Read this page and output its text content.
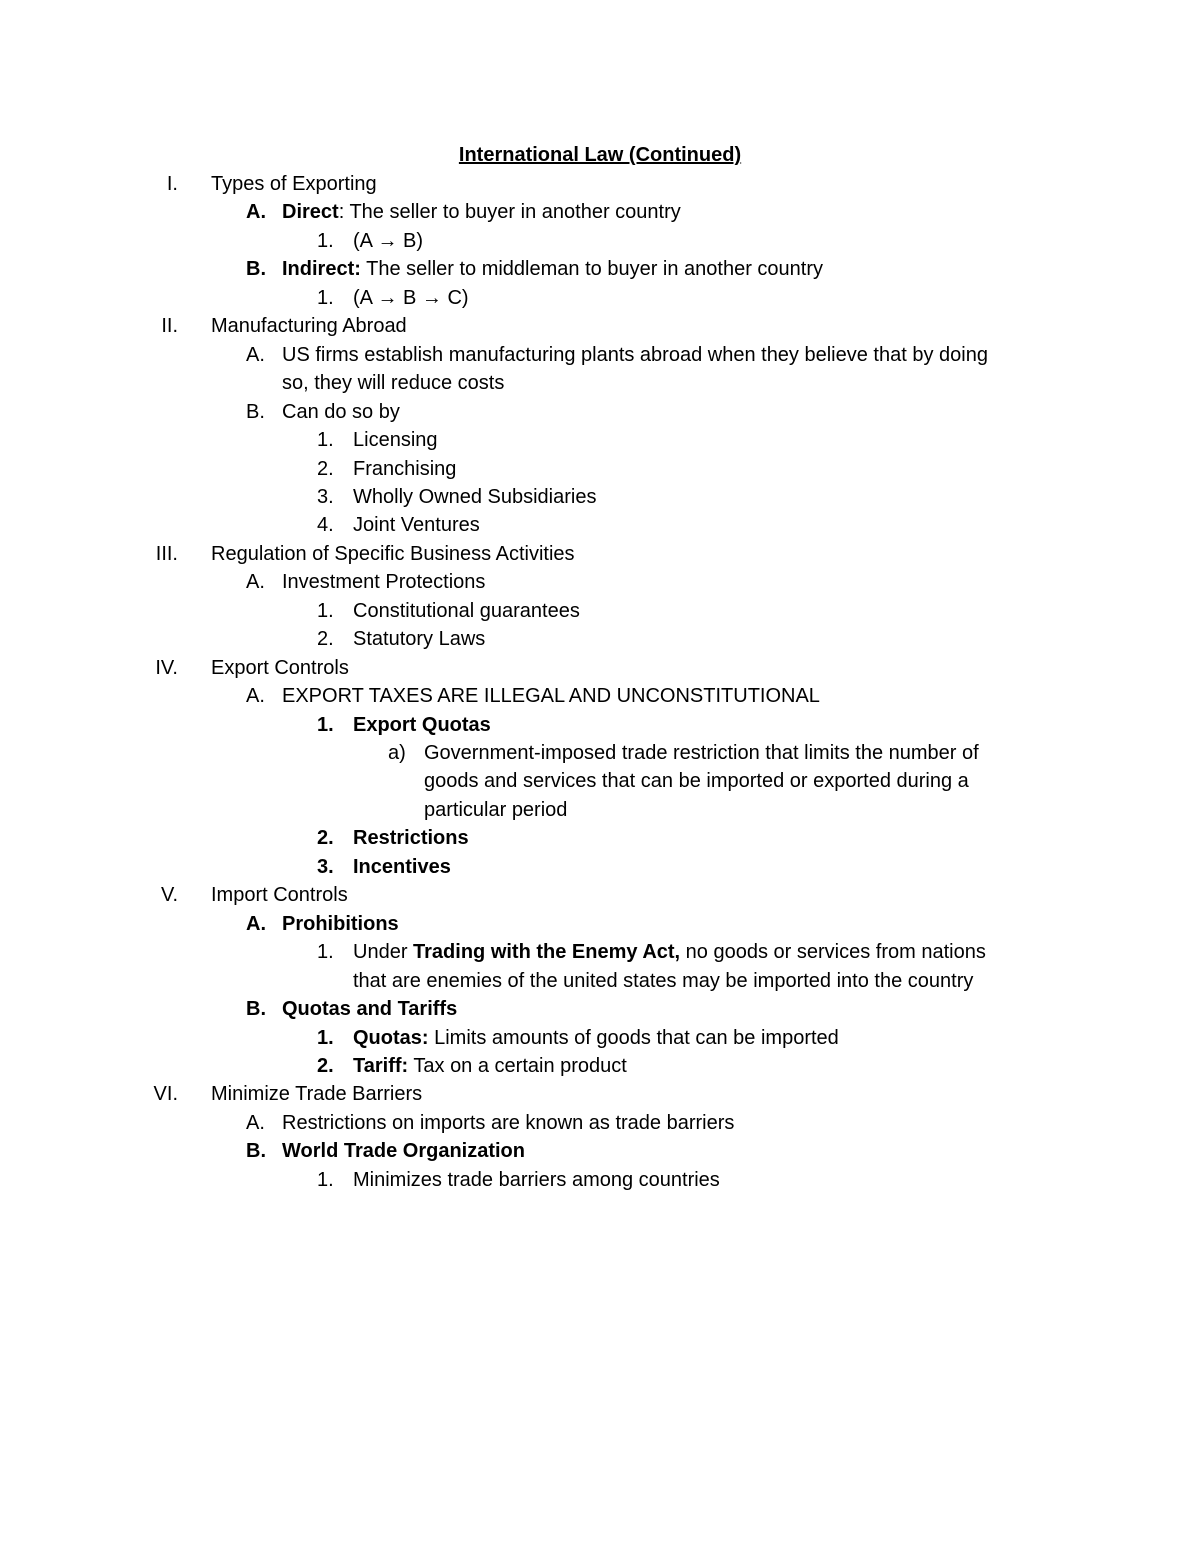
International Law (Continued)
I. Types of Exporting
A. Direct: The seller to buyer in another country
1. (A → B)
B. Indirect: The seller to middleman to buyer in another country
1. (A → B → C)
II. Manufacturing Abroad
A. US firms establish manufacturing plants abroad when they believe that by doing
so, they will reduce costs
B. Can do so by
1. Licensing
2. Franchising
3. Wholly Owned Subsidiaries
4. Joint Ventures
III. Regulation of Specific Business Activities
A. Investment Protections
1. Constitutional guarantees
2. Statutory Laws
IV. Export Controls
A. EXPORT TAXES ARE ILLEGAL AND UNCONSTITUTIONAL
1. Export Quotas
a) Government-imposed trade restriction that limits the number of
goods and services that can be imported or exported during a
particular period
2. Restrictions
3. Incentives
V. Import Controls
A. Prohibitions
1. Under Trading with the Enemy Act, no goods or services from nations
that are enemies of the united states may be imported into the country
B. Quotas and Tariffs
1. Quotas: Limits amounts of goods that can be imported
2. Tariff: Tax on a certain product
VI. Minimize Trade Barriers
A. Restrictions on imports are known as trade barriers
B. World Trade Organization
1. Minimizes trade barriers among countries
